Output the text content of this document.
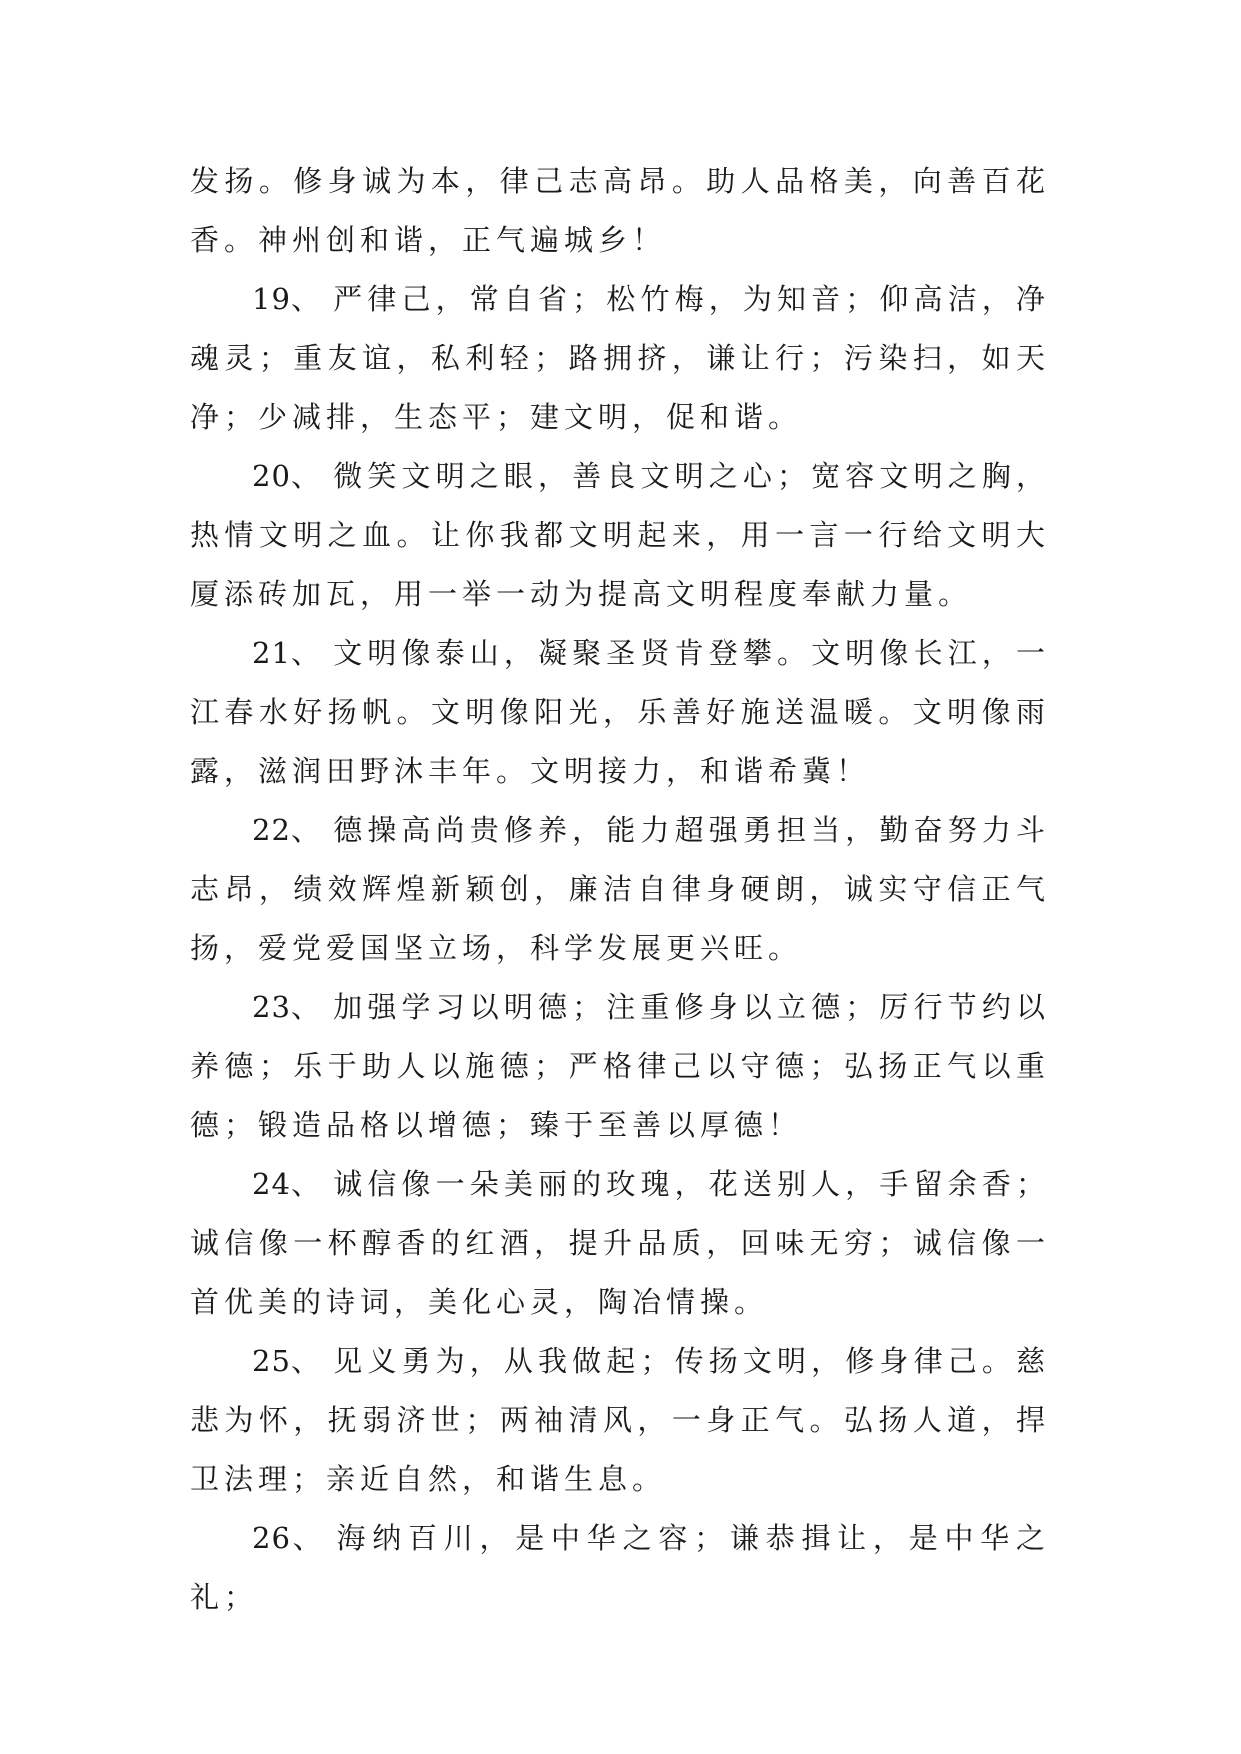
发扬。修身诚为本，律己志高昂。助人品格美，向善百花香。神州创和谐，正气遍城乡！

19、 严律己，常自省；松竹梅，为知音；仰高洁，净魂灵；重友谊，私利轻；路拥挤，谦让行；污染扫，如天净；少减排，生态平；建文明，促和谐。

20、 微笑文明之眼，善良文明之心；宽容文明之胸，热情文明之血。让你我都文明起来，用一言一行给文明大厦添砖加瓦，用一举一动为提高文明程度奉献力量。

21、 文明像泰山，凝聚圣贤肯登攀。文明像长江，一江春水好扬帆。文明像阳光，乐善好施送温暖。文明像雨露，滋润田野沐丰年。文明接力，和谐希冀！

22、 德操高尚贵修养，能力超强勇担当，勤奋努力斗志昂，绩效辉煌新颖创，廉洁自律身硬朗，诚实守信正气扬，爱党爱国坚立场，科学发展更兴旺。

23、 加强学习以明德；注重修身以立德；厉行节约以养德；乐于助人以施德；严格律己以守德；弘扬正气以重德；锻造品格以增德；臻于至善以厚德！

24、 诚信像一朵美丽的玫瑰，花送别人，手留余香；诚信像一杯醇香的红酒，提升品质，回味无穷；诚信像一首优美的诗词，美化心灵，陶冶情操。

25、 见义勇为，从我做起；传扬文明，修身律己。慈悲为怀，抚弱济世；两袖清风，一身正气。弘扬人道，捍卫法理；亲近自然，和谐生息。

26、 海纳百川，是中华之容；谦恭揖让，是中华之礼；
